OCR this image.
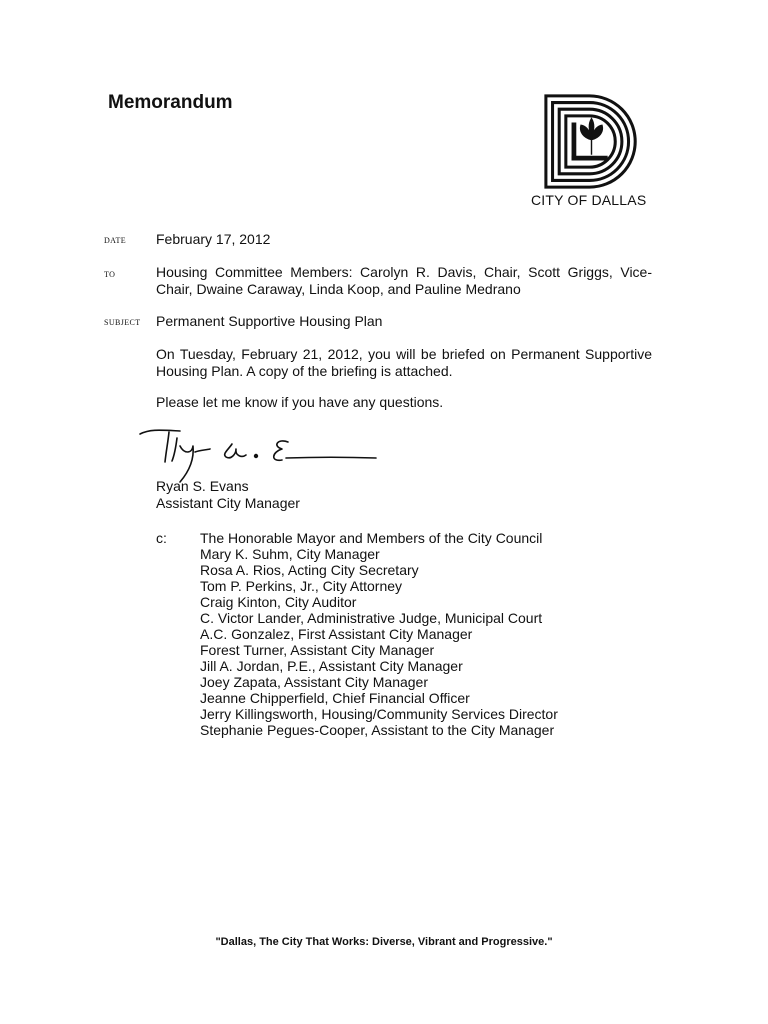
Memorandum
CITY OF DALLAS
DATE February 17, 2012
TO	Housing Committee Members: Carolyn R. Davis, Chair, Scott Griggs, Vice-Chair, Dwaine Caraway, Linda Koop, and Pauline Medrano
SUBJECT Permanent Supportive Housing Plan
On Tuesday, February 21, 2012, you will be briefed on Permanent Supportive Housing Plan. A copy of the briefing is attached.
Please let me know if you have any questions.
Ryan S. Evans
Assistant City Manager
c: The Honorable Mayor and Members of the City Council
Mary K. Suhm, City Manager
Rosa A. Rios, Acting City Secretary
Tom P. Perkins, Jr., City Attorney
Craig Kinton, City Auditor
C. Victor Lander, Administrative Judge, Municipal Court
A.C. Gonzalez, First Assistant City Manager
Forest Turner, Assistant City Manager
Jill A. Jordan, P.E., Assistant City Manager
Joey Zapata, Assistant City Manager
Jeanne Chipperfield, Chief Financial Officer
Jerry Killingsworth, Housing/Community Services Director
Stephanie Pegues-Cooper, Assistant to the City Manager
"Dallas, The City That Works: Diverse, Vibrant and Progressive."
